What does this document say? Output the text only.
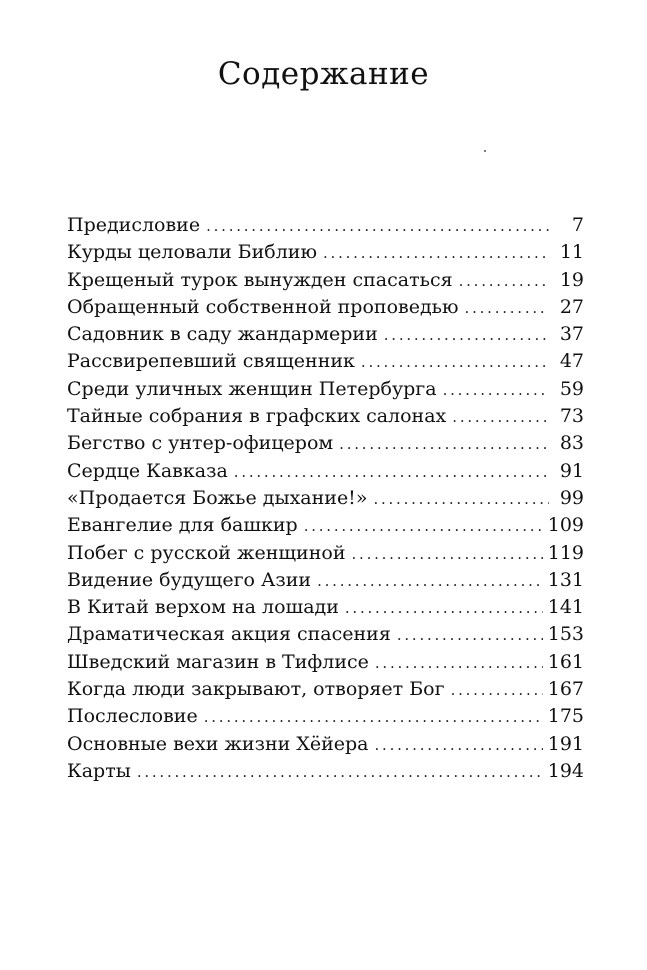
Содержание
Предисловие . . .	7
Курды целовали Библию . . .	11
Крещеный турок вынужден спасаться . . .	19
Обращенный собственной проповедью . . .	27
Садовник в саду жандармерии . . .	37
Рассвирепевший священник . . .	47
Среди уличных женщин Петербурга . . .	59
Тайные собрания в графских салонах . . .	73
Бегство с унтер-офицером . . .	83
Сердце Кавказа . . .	91
«Продается Божье дыхание!» . . .	99
Евангелие для башкир . . .	109
Побег с русской женщиной . . .	119
Видение будущего Азии . . .	131
В Китай верхом на лошади . . .	141
Драматическая акция спасения . . .	153
Шведский магазин в Тифлисе . . .	161
Когда люди закрывают, отворяет Бог . . .	167
Послесловие . . .	175
Основные вехи жизни Хёйера . . .	191
Карты . . .	194
